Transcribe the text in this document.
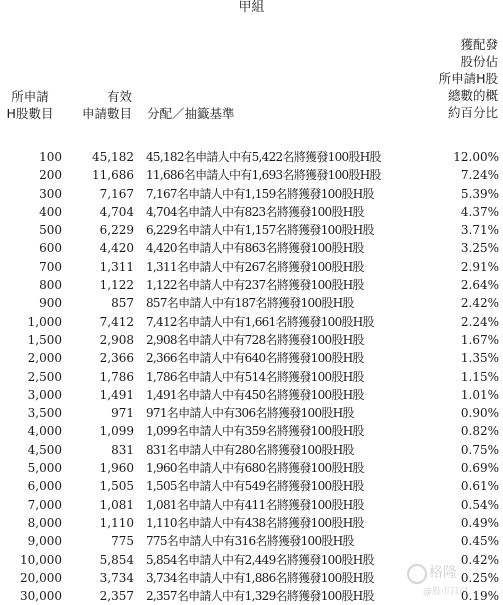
甲組
所申請
H股數目
有效
申請數目 分配／抽籤基準
獲配發
股份佔
所申請H股
總數的概
約百分比
100	45,182 45,182名申請人中有5,422名將獲發100股H股	12.00%
200	11,686 11,686名申請人中有1,693名將獲發100股H股	7.24%
300	7,167 7,167名申請人中有1,159名將獲發100股H股	5.39%
400	4,704 4,704名申請人中有823名將獲發100股H股	4.37%
500	6,229 6,229名申請人中有1,157名將獲發100股H股	3.71%
600	4,420 4,420名申請人中有863名將獲發100股H股	3.25%
700	1,311 1,311名申請人中有267名將獲發100股H股	2.91%
800	1,122 1,122名申請人中有237名將獲發100股H股	2.64%
900	857 857名申請人中有187名將獲發100股H股	2.42%
1,000	7,412 7,412名申請人中有1,661名將獲發100股H股	2.24%
1,500	2,908 2,908名申請人中有728名將獲發100股H股	1.67%
2,000	2,366 2,366名申請人中有640名將獲發100股H股	1.35%
2,500	1,786 1,786名申請人中有514名將獲發100股H股	1.15%
3,000	1,491 1,491名申請人中有450名將獲發100股H股	1.01%
3,500	971 971名申請人中有306名將獲發100股H股	0.90%
4,000	1,099 1,099名申請人中有359名將獲發100股H股	0.82%
4,500	831 831名申請人中有280名將獲發100股H股	0.75%
5,000	1,960 1,960名申請人中有680名將獲發100股H股	0.69%
6,000	1,505 1,505名申請人中有549名將獲發100股H股	0.61%
7,000	1,081 1,081名申請人中有411名將獲發100股H股	0.54%
8,000	1,110 1,110名申請人中有438名將獲發100股H股	0.49%
9,000	775 775名申請人中有316名將獲發100股H股	0.45%
10,000	5,854 5,854名申請人中有2,449名將獲發100股H股	0.42%
20,000	3,734 3,734名申請人中有1,886名將獲發100股H股	0.25%
30,000	2,357 2,357名申請人中有1,329名將獲發100股H股	0.19%
格隆
@股市日记
